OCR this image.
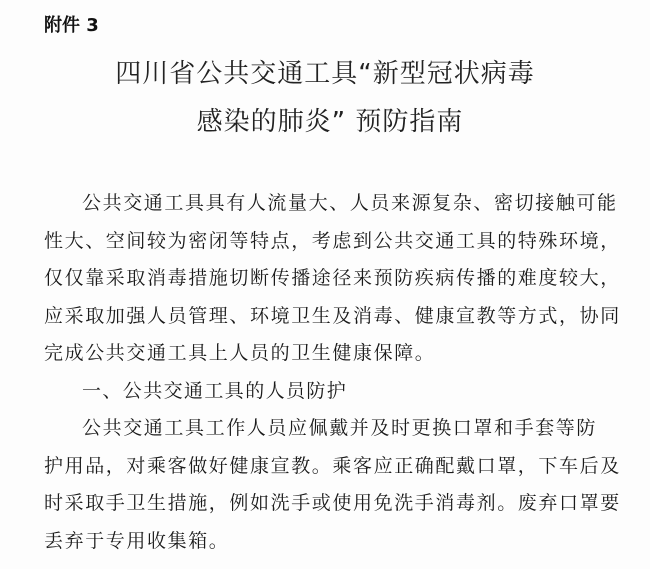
附件 3
四川省公共交通工具“新型冠状病毒
感染的肺炎” 预防指南
公共交通工具具有人流量大、人员来源复杂、密切接触可能
性大、空间较为密闭等特点，考虑到公共交通工具的特殊环境，
仅仅靠采取消毒措施切断传播途径来预防疾病传播的难度较大，
应采取加强人员管理、环境卫生及消毒、健康宣教等方式，协同
完成公共交通工具上人员的卫生健康保障。
一、公共交通工具的人员防护
公共交通工具工作人员应佩戴并及时更换口罩和手套等防
护用品，对乘客做好健康宣教。乘客应正确配戴口罩，下车后及
时采取手卫生措施，例如洗手或使用免洗手消毒剂。废弃口罩要
丢弃于专用收集箱。
